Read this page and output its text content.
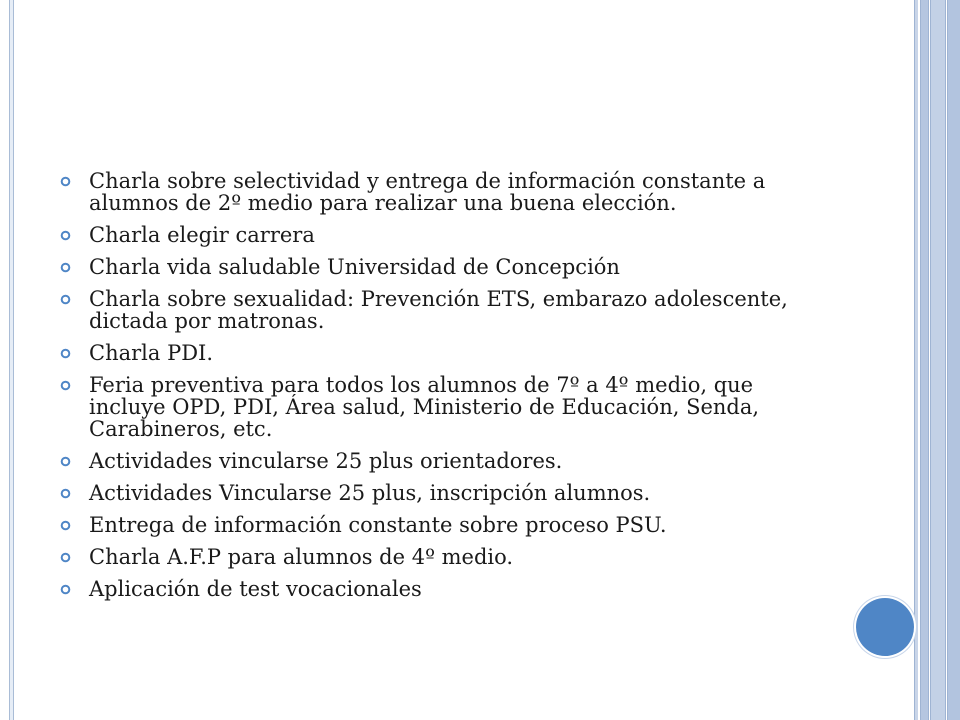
Charla sobre selectividad y entrega de información constante a alumnos de 2º medio para realizar una buena elección.
Charla elegir carrera
Charla vida saludable Universidad de Concepción
Charla sobre sexualidad: Prevención ETS, embarazo adolescente, dictada por matronas.
Charla PDI.
Feria preventiva para todos los alumnos de 7º a 4º medio, que incluye OPD, PDI, Área salud, Ministerio de Educación, Senda, Carabineros, etc.
Actividades vincularse 25 plus orientadores.
Actividades Vincularse 25 plus, inscripción alumnos.
Entrega de información constante sobre proceso PSU.
Charla A.F.P para alumnos de 4º medio.
Aplicación de test vocacionales
